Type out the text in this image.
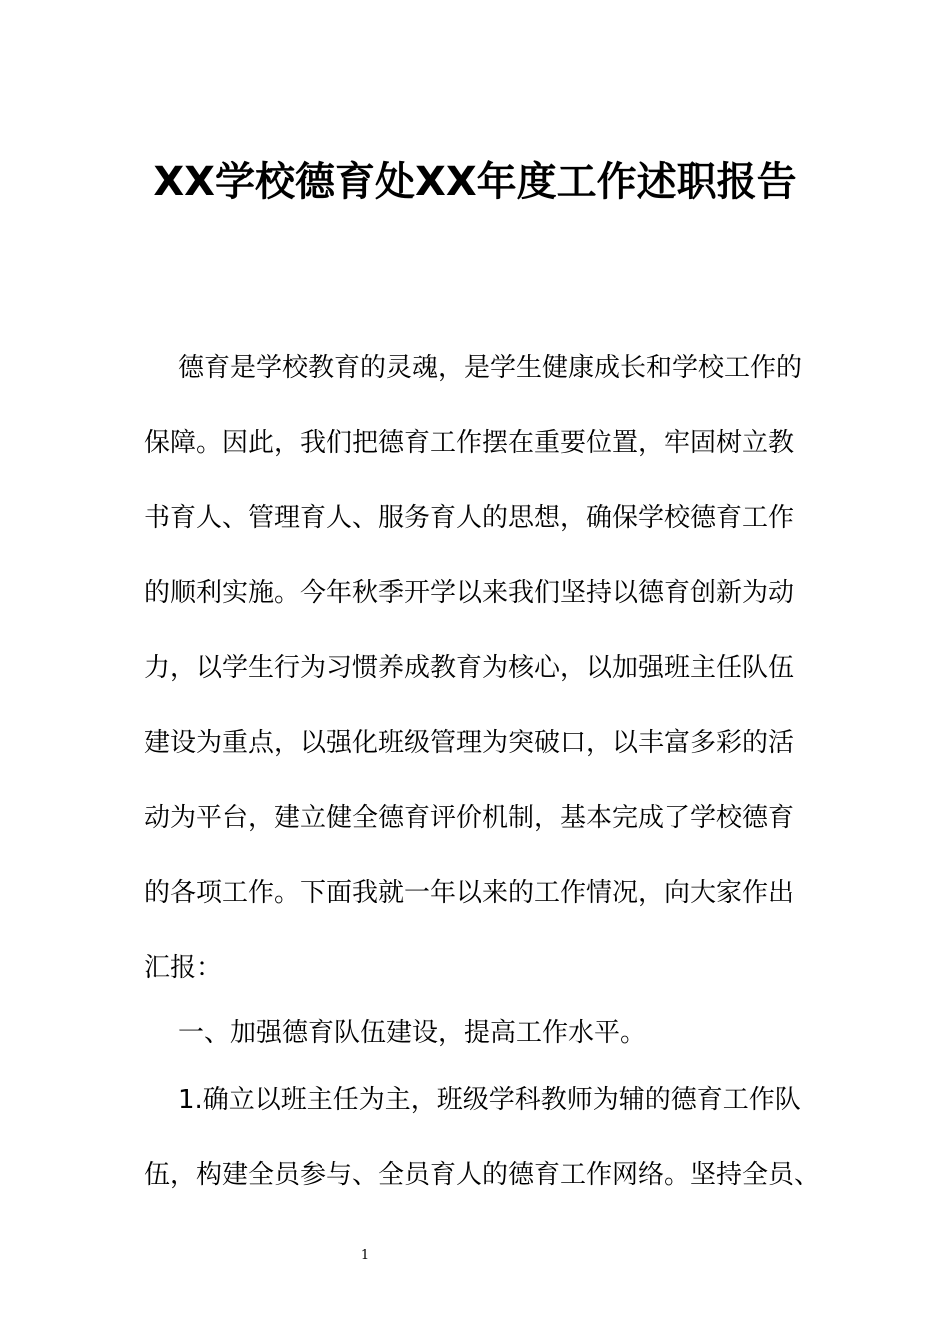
XX学校德育处XX年度工作述职报告
德育是学校教育的灵魂，是学生健康成长和学校工作的
保障。因此，我们把德育工作摆在重要位置，牢固树立教
书育人、管理育人、服务育人的思想，确保学校德育工作
的顺利实施。今年秋季开学以来我们坚持以德育创新为动
力，以学生行为习惯养成教育为核心，以加强班主任队伍
建设为重点，以强化班级管理为突破口，以丰富多彩的活
动为平台，建立健全德育评价机制，基本完成了学校德育
的各项工作。下面我就一年以来的工作情况，向大家作出
汇报：
一、加强德育队伍建设，提高工作水平。
1.确立以班主任为主，班级学科教师为辅的德育工作队
伍，构建全员参与、全员育人的德育工作网络。坚持全员、
1
